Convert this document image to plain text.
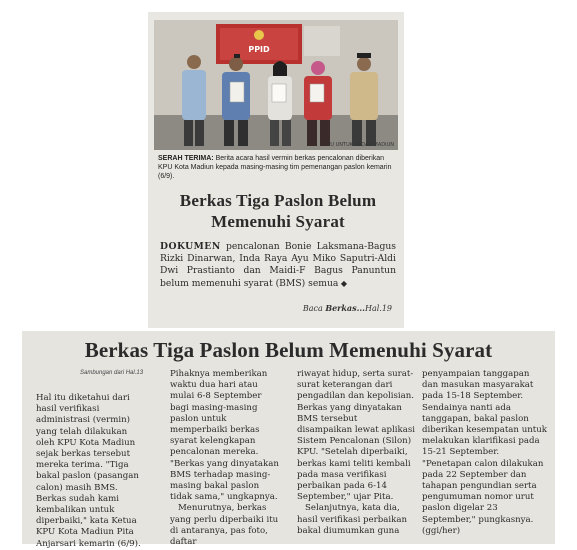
PPID
KPU UNTUK RADAR MADIUN

SERAH TERIMA: Berita acara hasil vermin berkas pencalonan diberikan KPU Kota Madiun kepada masing-masing tim pemenangan paslon kemarin (6/9).

Berkas Tiga Paslon Belum Memenuhi Syarat

DOKUMEN pencalonan Bonie Laksmana-Bagus Rizki Dinarwan, Inda Raya Ayu Miko Saputri-Aldi Dwi Prastianto dan Maidi-F Bagus Panuntun belum memenuhi syarat (BMS) semua ◆

Baca Berkas...Hal.19

Berkas Tiga Paslon Belum Memenuhi Syarat
Sambungan dari Hal.13

Hal itu diketahui dari hasil verifikasi administrasi (vermin) yang telah dilakukan oleh KPU Kota Madiun sejak berkas tersebut mereka terima. "Tiga bakal paslon (pasangan calon) masih BMS. Berkas sudah kami kembalikan untuk diperbaiki," kata Ketua KPU Kota Madiun Pita Anjarsari kemarin (6/9).

Pihaknya memberikan waktu dua hari atau mulai 6-8 September bagi masing-masing paslon untuk memperbaiki berkas syarat kelengkapan pencalonan mereka. "Berkas yang dinyatakan BMS terhadap masing-masing bakal paslon tidak sama," ungkapnya.

Menurutnya, berkas yang perlu diperbaiki itu di antaranya, pas foto, daftar

riwayat hidup, serta surat-surat keterangan dari pengadilan dan kepolisian. Berkas yang dinyatakan BMS tersebut disampaikan lewat aplikasi Sistem Pencalonan (Silon) KPU. "Setelah diperbaiki, berkas kami teliti kembali pada masa verifikasi perbaikan pada 6-14 September," ujar Pita.

Selanjutnya, kata dia, hasil verifikasi perbaikan bakal diumumkan guna

penyampaian tanggapan dan masukan masyarakat pada 15-18 September. Sendainya nanti ada tanggapan, bakal paslon diberikan kesempatan untuk melakukan klarifikasi pada 15-21 September. "Penetapan calon dilakukan pada 22 September dan tahapan pengundian serta pengumuman nomor urut paslon digelar 23 September," pungkasnya. (ggi/her)
